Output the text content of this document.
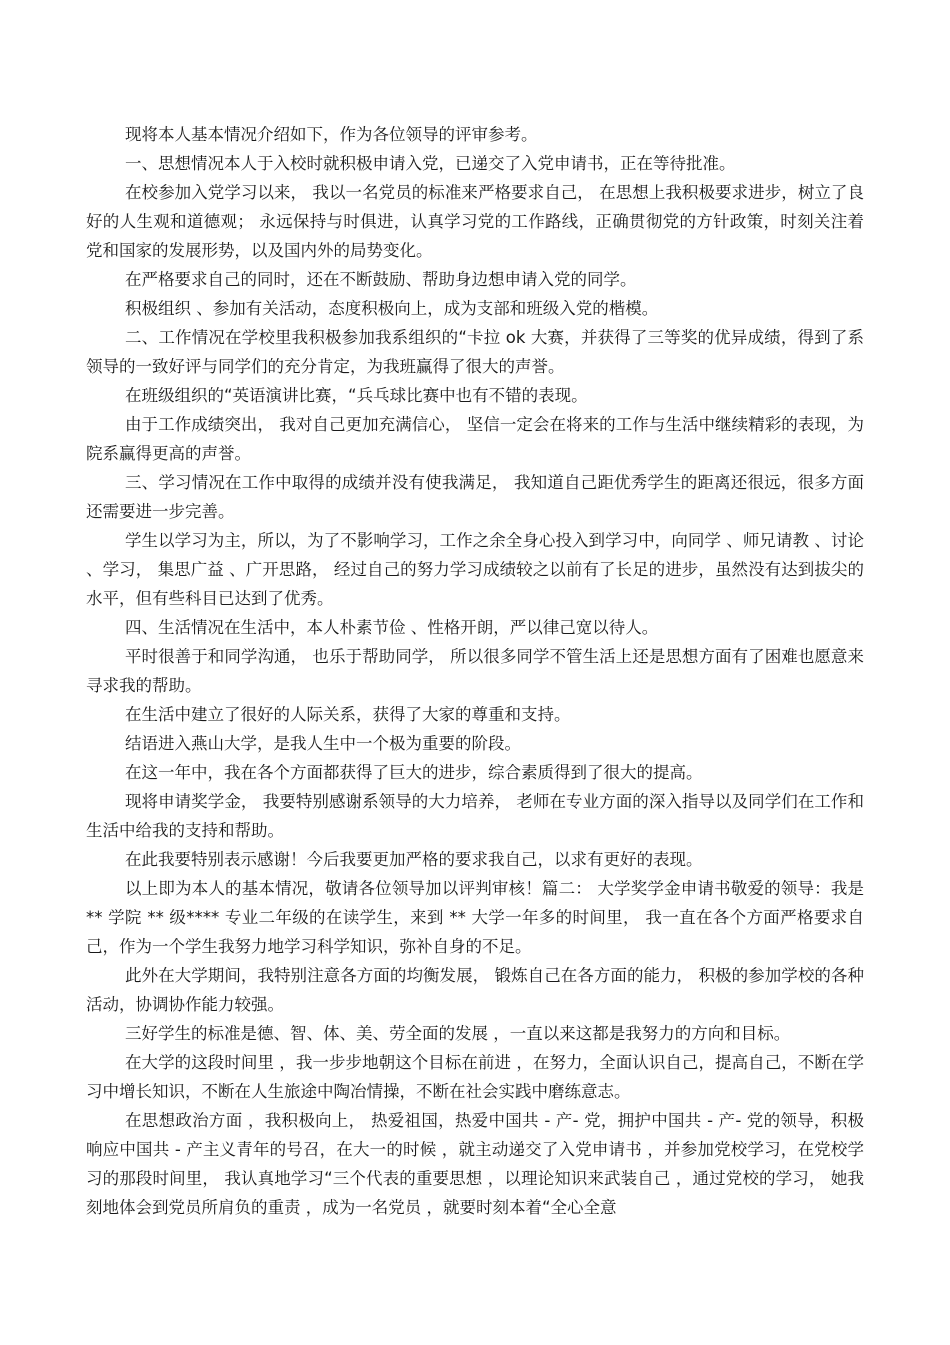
现将本人基本情况介绍如下，作为各位领导的评审参考。

一、思想情况本人于入校时就积极申请入党，已递交了入党申请书，正在等待批准。

在校参加入党学习以来， 我以一名党员的标准来严格要求自己， 在思想上我积极要求进步，树立了良好的人生观和道德观； 永远保持与时俱进，认真学习党的工作路线，正确贯彻党的方针政策，时刻关注着党和国家的发展形势，以及国内外的局势变化。

在严格要求自己的同时，还在不断鼓励、帮助身边想申请入党的同学。

积极组织 、参加有关活动，态度积极向上，成为支部和班级入党的楷模。

二、工作情况在学校里我积极参加我系组织的“卡拉 ok 大赛，并获得了三等奖的优异成绩，得到了系领导的一致好评与同学们的充分肯定，为我班赢得了很大的声誉。

在班级组织的“英语演讲比赛，“兵乓球比赛中也有不错的表现。

由于工作成绩突出， 我对自己更加充满信心， 坚信一定会在将来的工作与生活中继续精彩的表现，为院系赢得更高的声誉。

三、学习情况在工作中取得的成绩并没有使我满足， 我知道自己距优秀学生的距离还很远，很多方面还需要进一步完善。

学生以学习为主，所以，为了不影响学习，工作之余全身心投入到学习中，向同学 、师兄请教 、讨论 、学习， 集思广益 、广开思路， 经过自己的努力学习成绩较之以前有了长足的进步，虽然没有达到拔尖的水平，但有些科目已达到了优秀。

四、生活情况在生活中，本人朴素节俭 、性格开朗，严以律己宽以待人。

平时很善于和同学沟通， 也乐于帮助同学， 所以很多同学不管生活上还是思想方面有了困难也愿意来寻求我的帮助。

在生活中建立了很好的人际关系，获得了大家的尊重和支持。

结语进入燕山大学，是我人生中一个极为重要的阶段。

在这一年中，我在各个方面都获得了巨大的进步，综合素质得到了很大的提高。

现将申请奖学金， 我要特别感谢系领导的大力培养， 老师在专业方面的深入指导以及同学们在工作和生活中给我的支持和帮助。

在此我要特别表示感谢！今后我要更加严格的要求我自己，以求有更好的表现。

以上即为本人的基本情况，敬请各位领导加以评判审核！篇二： 大学奖学金申请书敬爱的领导：我是 ** 学院 ** 级**** 专业二年级的在读学生，来到 ** 大学一年多的时间里， 我一直在各个方面严格要求自己，作为一个学生我努力地学习科学知识，弥补自身的不足。

此外在大学期间，我特别注意各方面的均衡发展， 锻炼自己在各方面的能力， 积极的参加学校的各种活动，协调协作能力较强。

三好学生的标准是德、智、体、美、劳全面的发展 ，一直以来这都是我努力的方向和目标。

在大学的这段时间里 ，我一步步地朝这个目标在前进 ，在努力，全面认识自己，提高自己，不断在学习中增长知识，不断在人生旅途中陶冶情操，不断在社会实践中磨练意志。

在思想政治方面 ，我积极向上， 热爱祖国，热爱中国共 - 产- 党，拥护中国共 - 产- 党的领导，积极响应中国共 - 产主义青年的号召，在大一的时候 ，就主动递交了入党申请书 ，并参加党校学习，在党校学习的那段时间里， 我认真地学习“三个代表的重要思想 ，以理论知识来武装自己 ，通过党校的学习， 她我刻地体会到党员所肩负的重责 ，成为一名党员 ，就要时刻本着“全心全意
